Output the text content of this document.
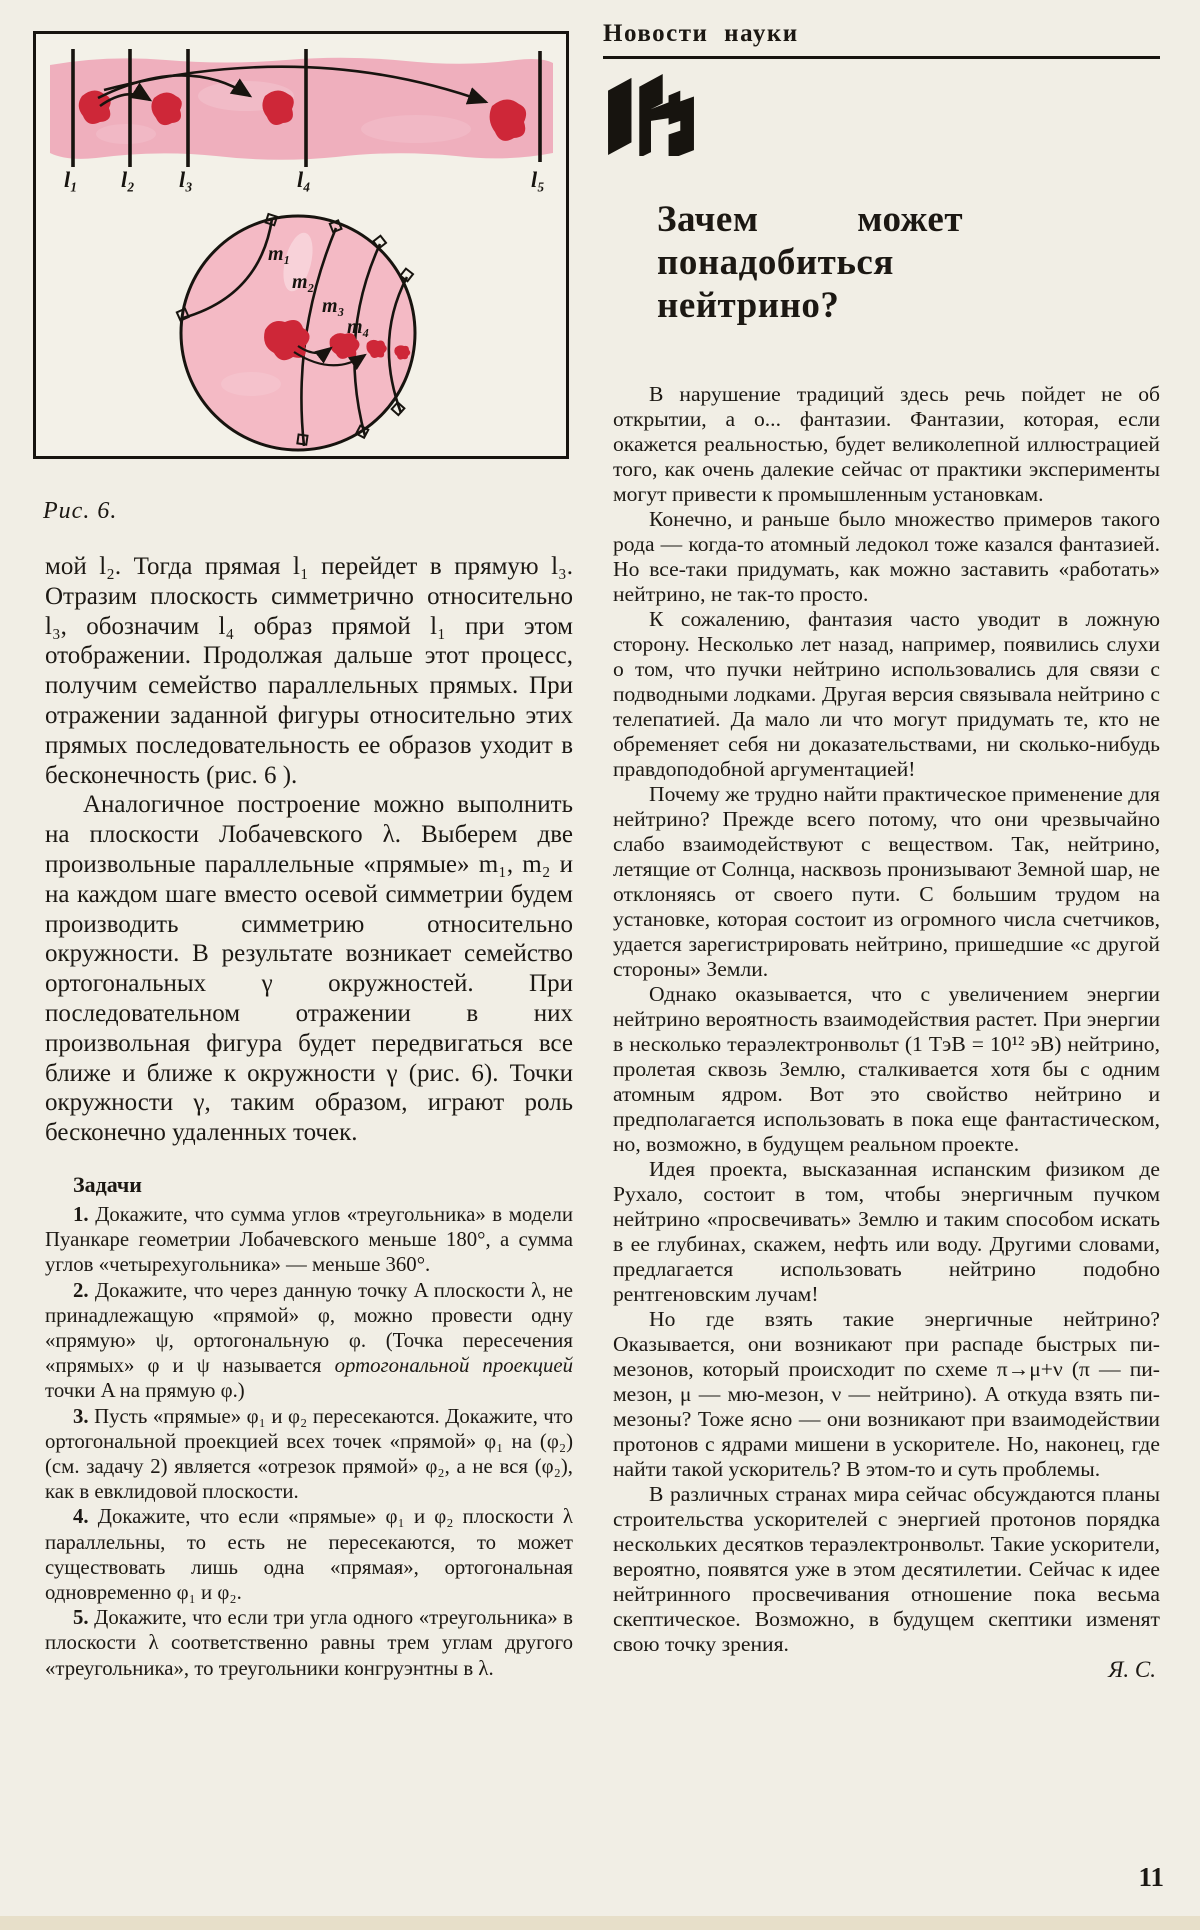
l₁ l₂ l₃	l₄	l₅
m₁
m₂
m₃
m₄
Рис. 6.

мой l₂. Тогда прямая l₁ перейдет в прямую l₃. Отразим плоскость симметрично относительно l₃, обозначим l₄ образ прямой l₁ при этом отображении. Продолжая дальше этот процесс, получим семейство параллельных прямых. При отражении заданной фигуры относительно этих прямых последовательность ее образов уходит в бесконечность (рис. 6 ).

Аналогичное построение можно выполнить на плоскости Лобачевского λ. Выберем две произвольные параллельные «прямые» m₁, m₂ и на каждом шаге вместо осевой симметрии будем производить симметрию относительно окружности. В результате возникает семейство ортогональных γ окружностей. При последовательном отражении в них произвольная фигура будет передвигаться все ближе и ближе к окружности γ (рис. 6). Точки окружности γ, таким образом, играют роль бесконечно удаленных точек.

Задачи

1. Докажите, что сумма углов «треугольника» в модели Пуанкаре геометрии Лобачевского меньше 180°, а сумма углов «четырехугольника» — меньше 360°.

2. Докажите, что через данную точку A плоскости λ, не принадлежащую «прямой» φ, можно провести одну «прямую» ψ, ортогональную φ. (Точка пересечения «прямых» φ и ψ называется ортогональной проекцией точки A на прямую φ.)

3. Пусть «прямые» φ₁ и φ₂ пересекаются. Докажите, что ортогональной проекцией всех точек «прямой» φ₁ на (φ₂) (см. задачу 2) является «отрезок прямой» φ₂, а не вся (φ₂), как в евклидовой плоскости.

4. Докажите, что если «прямые» φ₁ и φ₂ плоскости λ параллельны, то есть не пересекаются, то может существовать лишь одна «прямая», ортогональная одновременно φ₁ и φ₂.

5. Докажите, что если три угла одного «треугольника» в плоскости λ соответственно равны трем углам другого «треугольника», то треугольники конгруэнтны в λ.

Новости науки
Зачем	может
понадобиться
нейтрино?

В нарушение традиций здесь речь пойдет не об открытии, а о... фантазии. Фантазии, которая, если окажется реальностью, будет великолепной иллюстрацией того, как очень далекие сейчас от практики эксперименты могут привести к промышленным установкам.

Конечно, и раньше было множество примеров такого рода — когда-то атомный ледокол тоже казался фантазией. Но все-таки придумать, как можно заставить «работать» нейтрино, не так-то просто.

К сожалению, фантазия часто уводит в ложную сторону. Несколько лет назад, например, появились слухи о том, что пучки нейтрино использовались для связи с подводными лодками. Другая версия связывала нейтрино с телепатией. Да мало ли что могут придумать те, кто не обременяет себя ни доказательствами, ни сколько-нибудь правдоподобной аргументацией!

Почему же трудно найти практическое применение для нейтрино? Прежде всего потому, что они чрезвычайно слабо взаимодействуют с веществом. Так, нейтрино, летящие от Солнца, насквозь пронизывают Земной шар, не отклоняясь от своего пути. С большим трудом на установке, которая состоит из огромного числа счетчиков, удается зарегистрировать нейтрино, пришедшие «с другой стороны» Земли.

Однако оказывается, что с увеличением энергии нейтрино вероятность взаимодействия растет. При энергии в несколько тераэлектронвольт (1 ТэВ = 10¹² эВ) нейтрино, пролетая сквозь Землю, сталкивается хотя бы с одним атомным ядром. Вот это свойство нейтрино и предполагается использовать в пока еще фантастическом, но, возможно, в будущем реальном проекте.

Идея проекта, высказанная испанским физиком де Рухало, состоит в том, чтобы энергичным пучком нейтрино «просвечивать» Землю и таким способом искать в ее глубинах, скажем, нефть или воду. Другими словами, предлагается использовать нейтрино подобно рентгеновским лучам!

Но где взять такие энергичные нейтрино? Оказывается, они возникают при распаде быстрых пи-мезонов, который происходит по схеме π→μ+ν (π — пи-мезон, μ — мю-мезон, ν — нейтрино). А откуда взять пи-мезоны? Тоже ясно — они возникают при взаимодействии протонов с ядрами мишени в ускорителе. Но, наконец, где найти такой ускоритель? В этом-то и суть проблемы.

В различных странах мира сейчас обсуждаются планы строительства ускорителей с энергией протонов порядка нескольких десятков тераэлектронвольт. Такие ускорители, вероятно, появятся уже в этом десятилетии. Сейчас к идее нейтринного просвечивания отношение пока весьма скептическое. Возможно, в будущем скептики изменят свою точку зрения.

Я. С.

11
